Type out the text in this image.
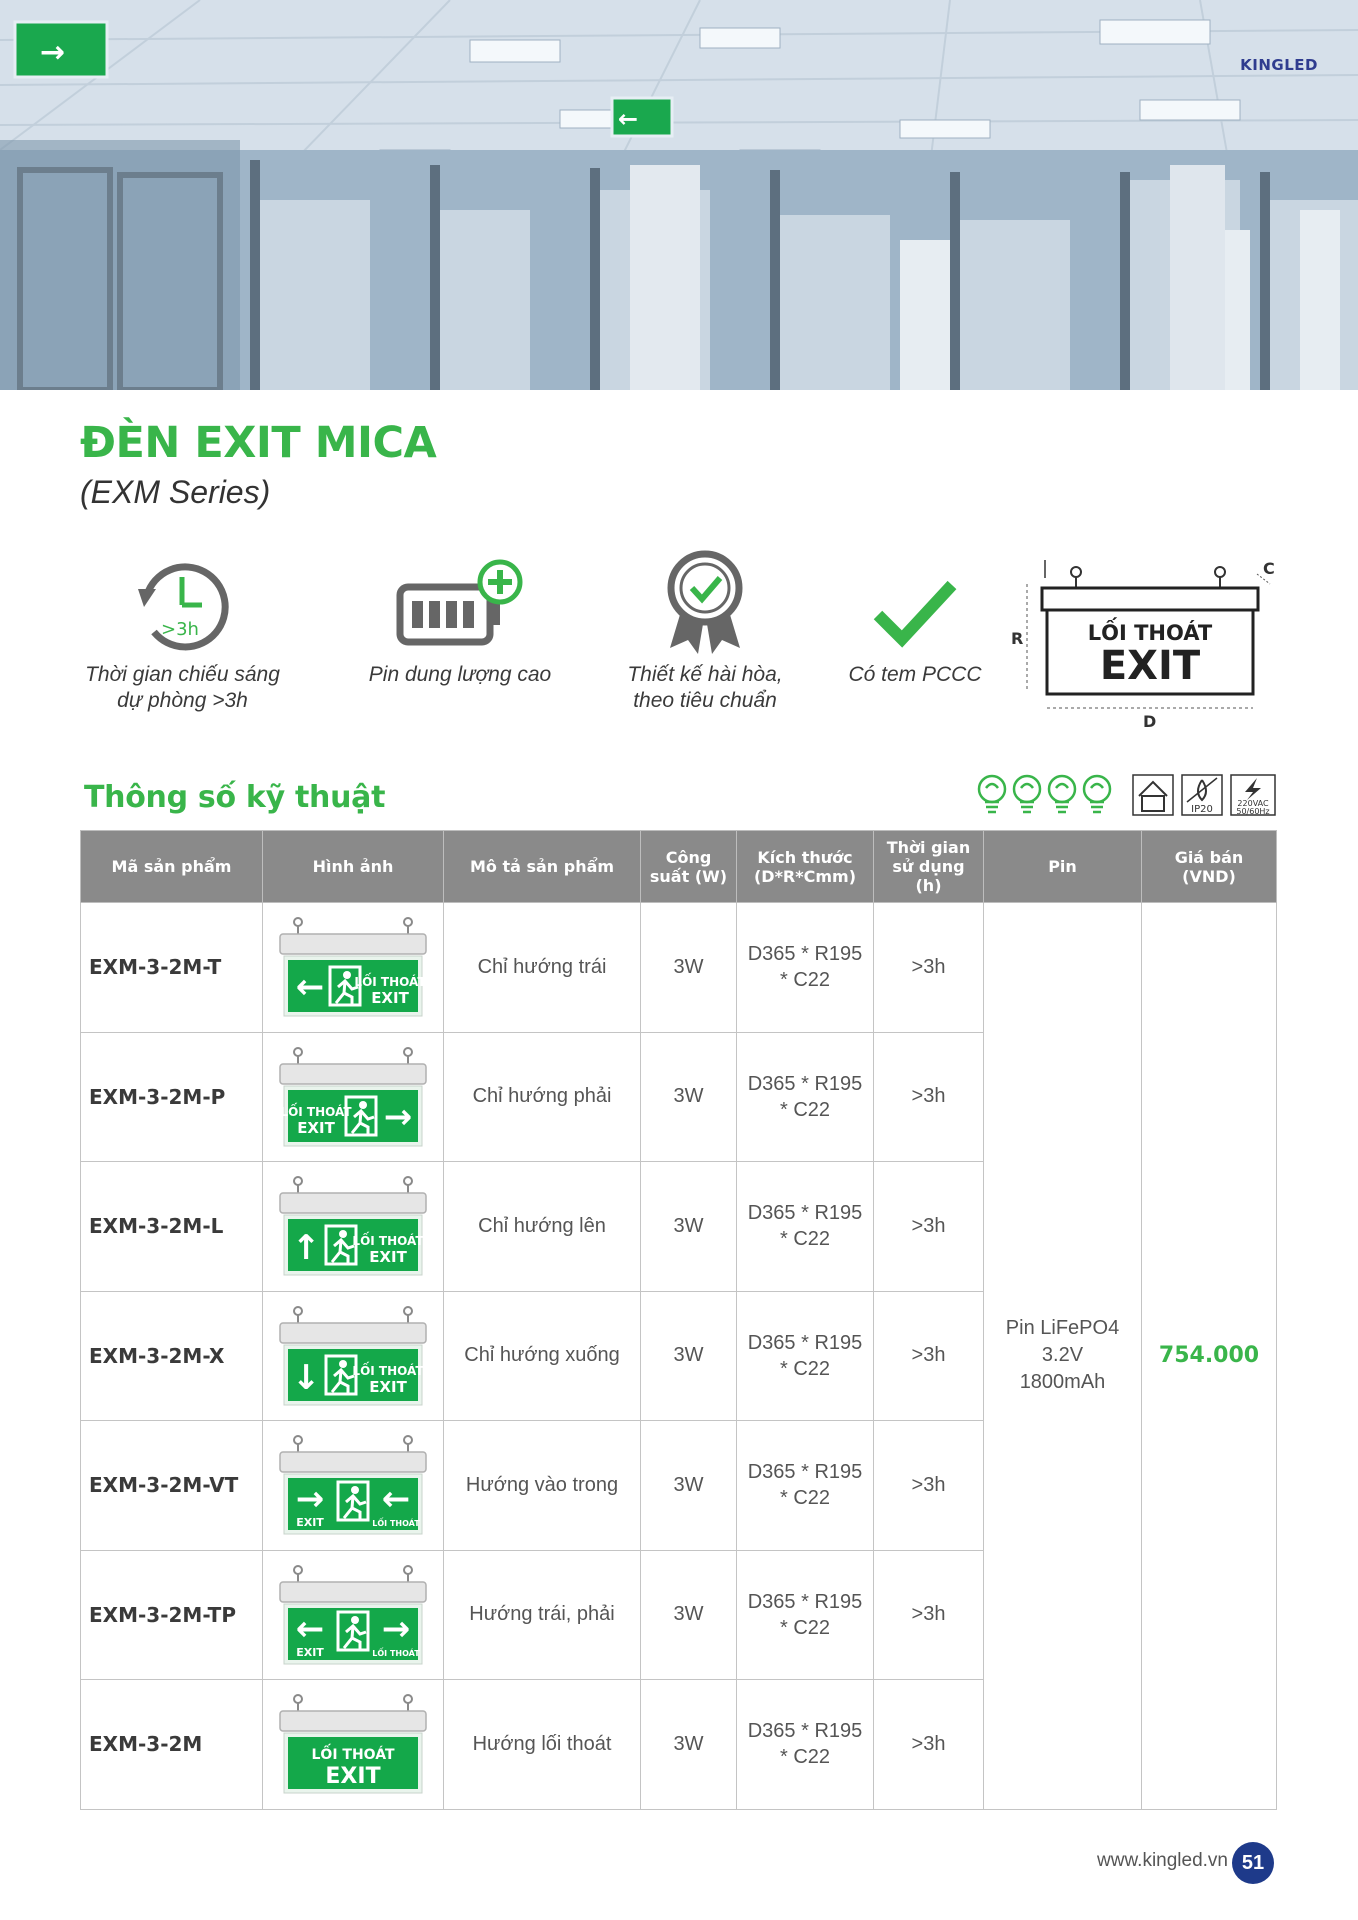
→
←
KINGLED
ĐÈN EXIT MICA
(EXM Series)
>3h
Thời gian chiếu sáng
dự phòng >3h
Pin dung lượng cao	Thiết kế hài hòa,
theo tiêu chuẩn
Có tem PCCC
LỐI THOÁT
EXIT
R
D
C
Thông số kỹ thuật	IP20
220VAC
50/60Hz
Mã sản phẩm	Hình ảnh	Mô tả sản phẩm	Công suất (W)	Kích thước (D*R*Cmm)	Thời gian sử dụng (h)	Pin	Giá bán (VND)
EXM-3-2M-T	← LỐI THOÁT
EXIT	Chỉ hướng trái	3W	D365 * R195
* C22	>3h	Pin LiFePO4
3.2V
1800mAh	754.000
EXM-3-2M-P	LỐI THOÁT
EXIT →	Chỉ hướng phải	3W	D365 * R195
* C22	>3h		
EXM-3-2M-L	↑ LỐI THOÁT
EXIT	Chỉ hướng lên	3W	D365 * R195
* C22	>3h		
EXM-3-2M-X	↓ LỐI THOÁT
EXIT	Chỉ hướng xuống	3W	D365 * R195
* C22	>3h		
EXM-3-2M-VT	→ ←
EXIT LỐI THOÁT	Hướng vào trong	3W	D365 * R195
* C22	>3h		
EXM-3-2M-TP	← →
EXIT LỐI THOÁT	Hướng trái, phải	3W	D365 * R195
* C22	>3h		
EXM-3-2M	LỐI THOÁT
EXIT	Hướng lối thoát	3W	D365 * R195
* C22	>3h		
www.kingled.vn 51
